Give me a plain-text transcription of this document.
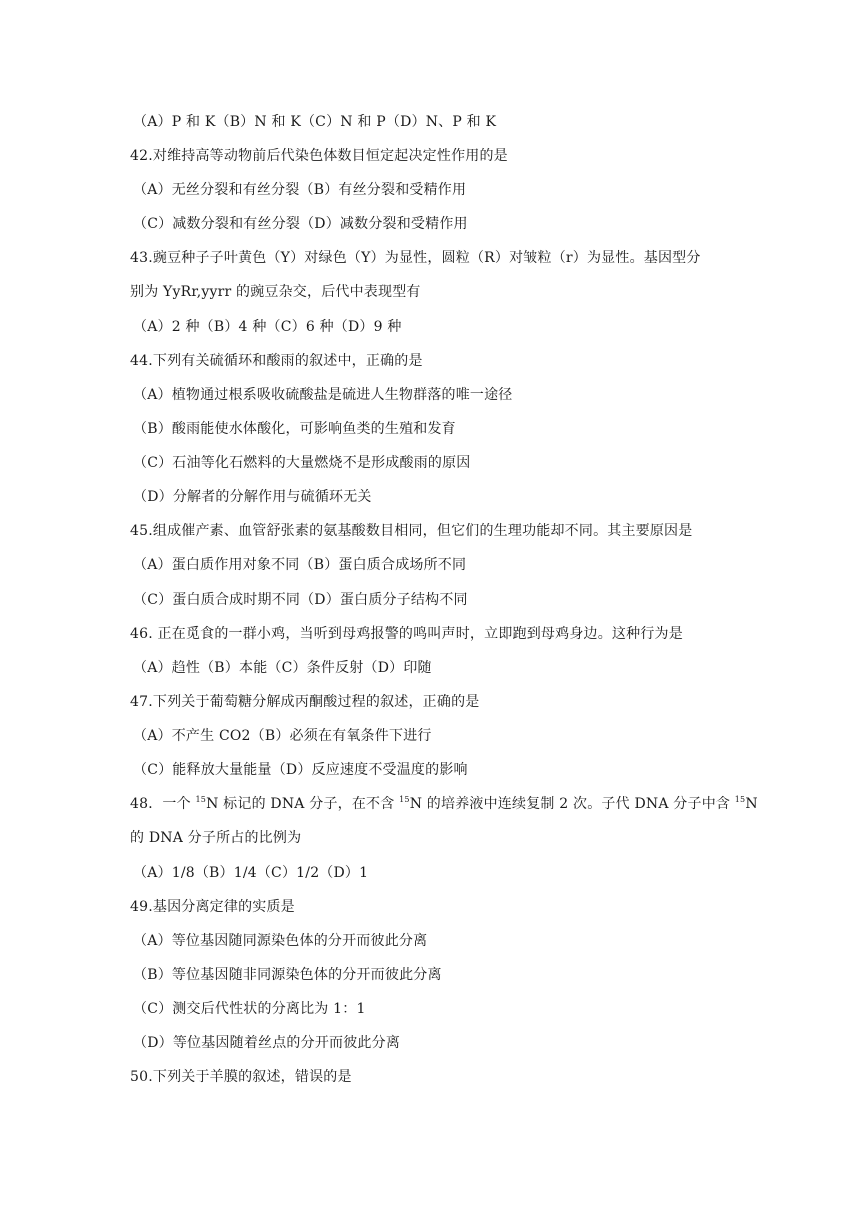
（A）P 和 K（B）N 和 K（C）N 和 P（D）N、P 和 K
42.对维持高等动物前后代染色体数目恒定起决定性作用的是
（A）无丝分裂和有丝分裂（B）有丝分裂和受精作用
（C）减数分裂和有丝分裂（D）减数分裂和受精作用
43.豌豆种子子叶黄色（Y）对绿色（Y）为显性，圆粒（R）对皱粒（r）为显性。基因型分
别为 YyRr,yyrr 的豌豆杂交，后代中表现型有
（A）2 种（B）4 种（C）6 种（D）9 种
44.下列有关硫循环和酸雨的叙述中，正确的是
（A）植物通过根系吸收硫酸盐是硫进人生物群落的唯一途径
（B）酸雨能使水体酸化，可影响鱼类的生殖和发育
（C）石油等化石燃料的大量燃烧不是形成酸雨的原因
（D）分解者的分解作用与硫循环无关
45.组成催产素、血管舒张素的氨基酸数目相同，但它们的生理功能却不同。其主要原因是
（A）蛋白质作用对象不同（B）蛋白质合成场所不同
（C）蛋白质合成时期不同（D）蛋白质分子结构不同
46. 正在觅食的一群小鸡，当听到母鸡报警的鸣叫声时，立即跑到母鸡身边。这种行为是
（A）趋性（B）本能（C）条件反射（D）印随
47.下列关于葡萄糖分解成丙酮酸过程的叙述，正确的是
（A）不产生 CO2（B）必须在有氧条件下进行
（C）能释放大量能量（D）反应速度不受温度的影响
48．一个 $^{15}$N 标记的 DNA 分子，在不含 $^{15}$N 的培养液中连续复制 2 次。子代 DNA 分子中含 $^{15}$N
的 DNA 分子所占的比例为
（A）1/8（B）1/4（C）1/2（D）1
49.基因分离定律的实质是
（A）等位基因随同源染色体的分开而彼此分离
（B）等位基因随非同源染色体的分开而彼此分离
（C）测交后代性状的分离比为 1：1
（D）等位基因随着丝点的分开而彼此分离
50.下列关于羊膜的叙述，错误的是
